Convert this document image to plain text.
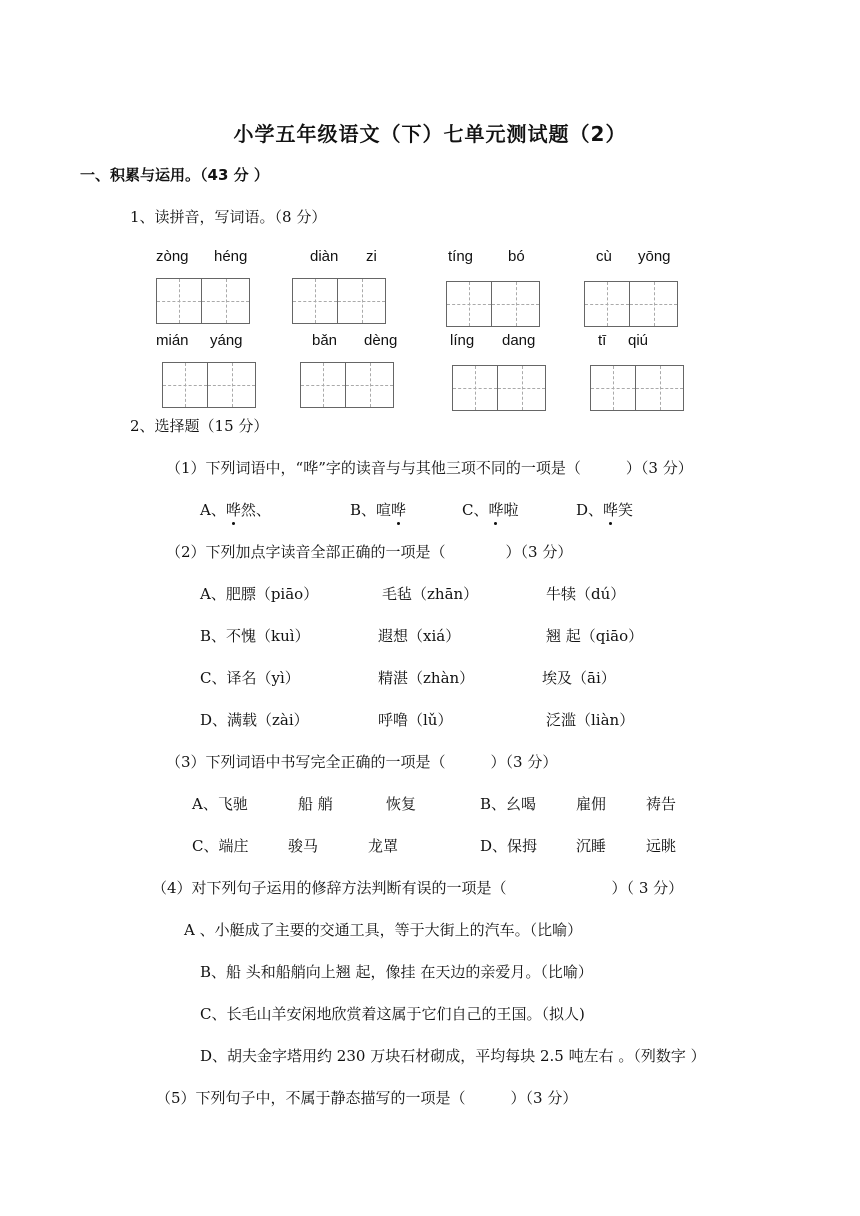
小学五年级语文（下）七单元测试题（2）
一、积累与运用。（43 分 ）
1、读拼音，写词语。（8 分）
zòng héng	diàn zi	tíng bó	cù yōng
mián yáng	bǎn dèng	líng dang	tī qiú
2、选择题（15 分）
（1）下列词语中，“哗”字的读音与与其他三项不同的一项是（　　　）（3 分）
A、哗然、	B、喧哗	C、哗啦	D、哗笑
（2）下列加点字读音全部正确的一项是（　　　　）（3 分）
A、肥膘（piāo）	毛毡（zhān）	牛犊（dú）
B、不愧（kuì）	遐想（xiá）	翘 起（qiāo）
C、译名（yì）	精湛（zhàn）	埃及（āi）
D、满载（zài）	呼噜（lǔ）	泛滥（liàn）
（3）下列词语中书写完全正确的一项是（　　　）（3 分）
A、飞驰	船 艄	恢复	B、幺喝	雇佣	祷告
C、端庄	骏马	龙罩	D、保拇	沉睡	远眺
（4）对下列句子运用的修辞方法判断有误的一项是（　　　　　　　）（ 3 分）
A 、小艇成了主要的交通工具，等于大街上的汽车。（比喻）
B、船 头和船艄向上翘 起，像挂 在天边的亲爱月。（比喻）
C、长毛山羊安闲地欣赏着这属于它们自己的王国。（拟人)
D、胡夫金字塔用约 230 万块石材砌成，平均每块 2.5 吨左右 。（列数字 ）
（5）下列句子中，不属于静态描写的一项是（　　　）（3 分）
